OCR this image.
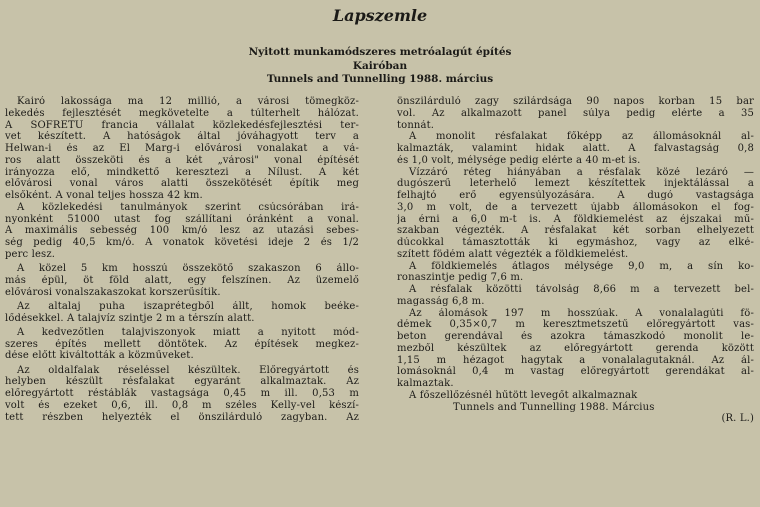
Lapszemle
Nyitott munkamódszeres metróalagút építés
Kairóban
Tunnels and Tunnelling 1988. március
Kairó lakossága ma 12 millió, a városi tömegköz-
lekedés fejlesztését megkövetelte a túlterhelt hálózat.
A SOFRETU francia vállalat közlekedésfejlesztési ter-
vet készített. A hatóságok által jóváhagyott terv a
Helwan-i és az El Marg-i elővárosi vonalakat a vá-
ros alatt összeköti és a két „városi" vonal építését
irányozza elő, mindkettő keresztezi a Nílust. A két
elővárosi vonal város alatti összekötését építik meg
elsőként. A vonal teljes hossza 42 km.
A közlekedési tanulmányok szerint csúcsórában irá-
nyonként 51000 utast fog szállítani óránként a vonal.
A maximális sebesség 100 km/ó lesz az utazási sebes-
ség pedig 40,5 km/ó. A vonatok követési ideje 2 és 1/2
perc lesz.
A közel 5 km hosszú összekötő szakaszon 6 állo-
más épül, öt föld alatt, egy felszínen. Az üzemelő
elővárosi vonalszakaszokat korszerűsítik.
Az altalaj puha iszaprétegből állt, homok beéke-
lődésekkel. A talajvíz szintje 2 m a térszín alatt.
A kedvezőtlen talajviszonyok miatt a nyitott mód-
szeres építés mellett döntötek. Az építések megkez-
dése előtt kiváltották a közműveket.
Az oldalfalak réseléssel készültek. Előregyártott és
helyben készült résfalakat egyaránt alkalmaztak. Az
előregyártott réstáblák vastagsága 0,45 m ill. 0,53 m
volt és ezeket 0,6, ill. 0,8 m széles Kelly-vel készí-
tett részben helyezték el önszilárduló zagyban. Az
önszilárduló zagy szilárdsága 90 napos korban 15 bar
vol. Az alkalmazott panel súlya pedig elérte a 35
tonnát.
A monolit résfalakat főképp az állomásoknál al-
kalmazták, valamint hidak alatt. A falvastagság 0,8
és 1,0 volt, mélysége pedig elérte a 40 m-et is.
Vízzáró réteg hiányában a résfalak közé lezáró —
dugószerű leterhelő lemezt készítettek injektálással a
felhajtó erő egyensúlyozására. A dugó vastagsága
3,0 m volt, de a tervezett újabb állomásokon el fog-
ja érni a 6,0 m-t is. A földkiemelést az éjszakai mű-
szakban végezték. A résfalakat két sorban elhelyezett
dúcokkal támasztották ki egymáshoz, vagy az elké-
szített födém alatt végezték a földkiemelést.
A földkiemelés átlagos mélysége 9,0 m, a sín ko-
ronaszintje pedig 7,6 m.
A résfalak közötti távolság 8,66 m a tervezett bel-
magasság 6,8 m.
Az álomások 197 m hosszúak. A vonalalagúti fö-
démek 0,35×0,7 m keresztmetszetű előregyártott vas-
beton gerendával és azokra támaszkodó monolit le-
mezből készültek az előregyártott gerenda között
1,15 m hézagot hagytak a vonalalagutaknál. Az ál-
lomásoknál 0,4 m vastag előregyártott gerendákat al-
kalmaztak.
A főszellőzésnél hűtött levegőt alkalmaznak
Tunnels and Tunnelling 1988. Március
(R. L.)
